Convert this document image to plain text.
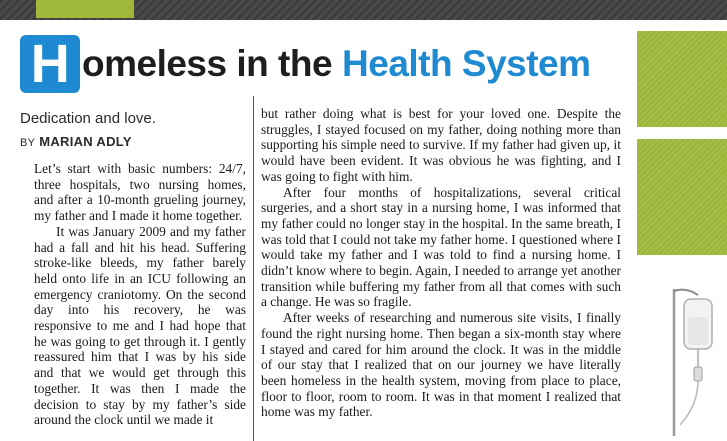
H omeless in the Health System
Dedication and love.
BY MARIAN ADLY

Let’s start with basic numbers: 24/7, three hospitals, two nursing homes, and after a 10-month grueling journey, my father and I made it home together.

It was January 2009 and my father had a fall and hit his head. Suffering stroke-like bleeds, my father barely held onto life in an ICU following an emergency craniotomy. On the second day into his recovery, he was responsive to me and I had hope that he was going to get through it. I gently reassured him that I was by his side and that we would get through this together. It was then I made the decision to stay by my father’s side around the clock until we made it

but rather doing what is best for your loved one. Despite the struggles, I stayed focused on my father, doing nothing more than supporting his simple need to survive. If my father had given up, it would have been evident. It was obvious he was fighting, and I was going to fight with him.

After four months of hospitalizations, several critical surgeries, and a short stay in a nursing home, I was informed that my father could no longer stay in the hospital. In the same breath, I was told that I could not take my father home. I questioned where I would take my father and I was told to find a nursing home. I didn’t know where to begin. Again, I needed to arrange yet another transition while buffering my father from all that comes with such a change. He was so fragile.

After weeks of researching and numerous site visits, I finally found the right nursing home. Then began a six-month stay where I stayed and cared for him around the clock. It was in the middle of our stay that I realized that on our journey we have literally been homeless in the health system, moving from place to place, floor to floor, room to room. It was in that moment I realized that home was my father.
